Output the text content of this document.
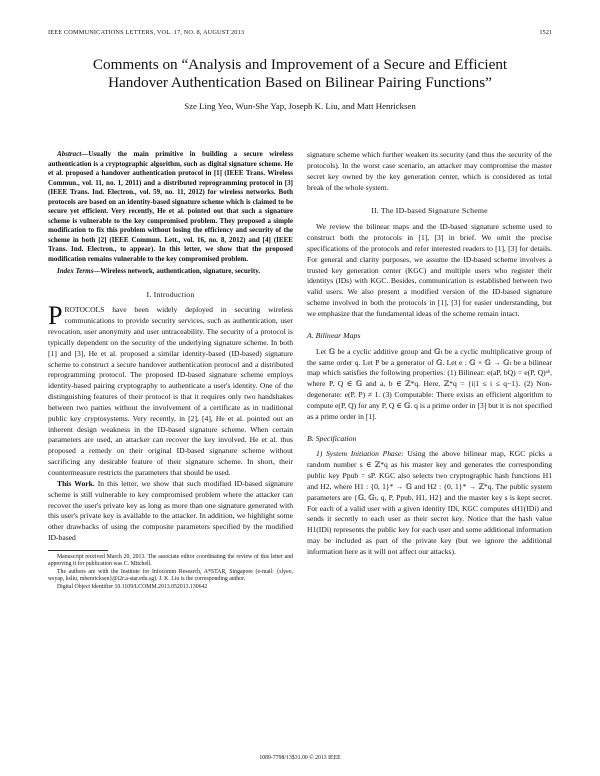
IEEE COMMUNICATIONS LETTERS, VOL. 17, NO. 8, AUGUST 2013	1521
Comments on “Analysis and Improvement of a Secure and Efficient
Handover Authentication Based on Bilinear Pairing Functions”
Sze Ling Yeo, Wun-She Yap, Joseph K. Liu, and Matt Henricksen

Abstract—Usually the main primitive in building a secure wireless authentication is a cryptographic algorithm, such as digital signature scheme. He et al. proposed a handover authentication protocol in [1] (IEEE Trans. Wireless Commun., vol. 11, no. 1, 2011) and a distributed reprogramming protocol in [3] (IEEE Trans. Ind. Electron., vol. 59, no. 11, 2012) for wireless networks. Both protocols are based on an identity-based signature scheme which is claimed to be secure yet efficient. Very recently, He et al. pointed out that such a signature scheme is vulnerable to the key compromised problem. They proposed a simple modification to fix this problem without losing the efficiency and security of the scheme in both [2] (IEEE Commun. Lett., vol. 16, no. 8, 2012) and [4] (IEEE Trans. Ind. Electron., to appear). In this letter, we show that the proposed modification remains vulnerable to the key compromised problem.

Index Terms—Wireless network, authentication, signature, security.

I. Introduction

PROTOCOLS have been widely deployed in securing wireless communications to provide security services, such as authentication, user revocation, user anonymity and user untraceability. The security of a protocol is typically dependent on the security of the underlying signature scheme. In both [1] and [3], He et al. proposed a similar identity-based (ID-based) signature scheme to construct a secure handover authentication protocol and a distributed reprogramming protocol. The proposed ID-based signature scheme employs identity-based pairing cryptography to authenticate a user's identity. One of the distinguishing features of their protocol is that it requires only two handshakes between two parties without the involvement of a certificate as in traditional public key cryptosystems. Very recently, in [2], [4], He et al. pointed out an inherent design weakness in the ID-based signature scheme. When certain parameters are used, an attacker can recover the key involved. He et al. thus proposed a remedy on their original ID-based signature scheme without sacrificing any desirable feature of their signature scheme. In short, their countermeasure restricts the parameters that should be used.

This Work. In this letter, we show that such modified ID-based signature scheme is still vulnerable to key compromised problem where the attacker can recover the user's private key as long as more than one signature generated with this user's private key is available to the attacker. In addition, we highlight some other drawbacks of using the composite parameters specified by the modified ID-based

Manuscript received March 20, 2013. The associate editor coordinating the review of this letter and approving it for publication was C. Mitchell.

The authors are with the Institute for Infocomm Research, A*STAR, Singapore (e-mail: {slyeo, wsyap, ksliu, mhenricksen}@i2r.a-star.edu.sg). J. K. Liu is the corresponding author.

Digital Object Identifier 10.1109/LCOMM.2013.052013.130642

signature scheme which further weaken its security (and thus the security of the protocols). In the worst case scenario, an attacker may compromise the master secret key owned by the key generation center, which is considered as total break of the whole system.

II. The ID-based Signature Scheme

We review the bilinear maps and the ID-based signature scheme used to construct both the protocols in [1], [3] in brief. We omit the precise specifications of the protocols and refer interested readers to [1], [3] for details. For general and clarity purposes, we assume the ID-based scheme involves a trusted key generation center (KGC) and multiple users who register their identitys (IDs) with KGC. Besides, communication is established between two valid users. We also present a modified version of the ID-based signature scheme involved in both the protocols in [1], [3] for easier understanding, but we emphasize that the fundamental ideas of the scheme remain intact.

A. Bilinear Maps

Let 𝔾 be a cyclic additive group and 𝔾ₜ be a cyclic multiplicative group of the same order q. Let P be a generator of 𝔾. Let e : 𝔾 × 𝔾 → 𝔾ₜ be a bilinear map which satisfies the following properties: (1) Bilinear: e(aP, bQ) = e(P, Q)ᵃᵇ, where P, Q ∈ 𝔾 and a, b ∈ ℤ*q. Here, ℤ*q = {i|1 ≤ i ≤ q−1}. (2) Non-degenerate: e(P, P) ≠ 1. (3) Computable: There exists an efficient algorithm to compute e(P, Q) for any P, Q ∈ 𝔾. q is a prime order in [3] but it is not specified as a prime order in [1].

B. Specification

1) System Initiation Phase: Using the above bilinear map, KGC picks a random number s ∈ ℤ*q as his master key and generates the corresponding public key Ppub = sP. KGC also selects two cryptographic hash functions H1 and H2, where H1 : {0, 1}* → 𝔾 and H2 : {0, 1}* → ℤ*q. The public system parameters are {𝔾, 𝔾ₜ, q, P, Ppub, H1, H2} and the master key s is kept secret. For each of a valid user with a given identity IDi, KGC computes sH1(IDi) and sends it secretly to each user as their secret key. Notice that the hash value H1(IDi) represents the public key for each user and some additional information may be included as part of the private key (but we ignore the additional information here as it will not affect our attacks).

1089-7798/13$31.00 © 2013 IEEE
